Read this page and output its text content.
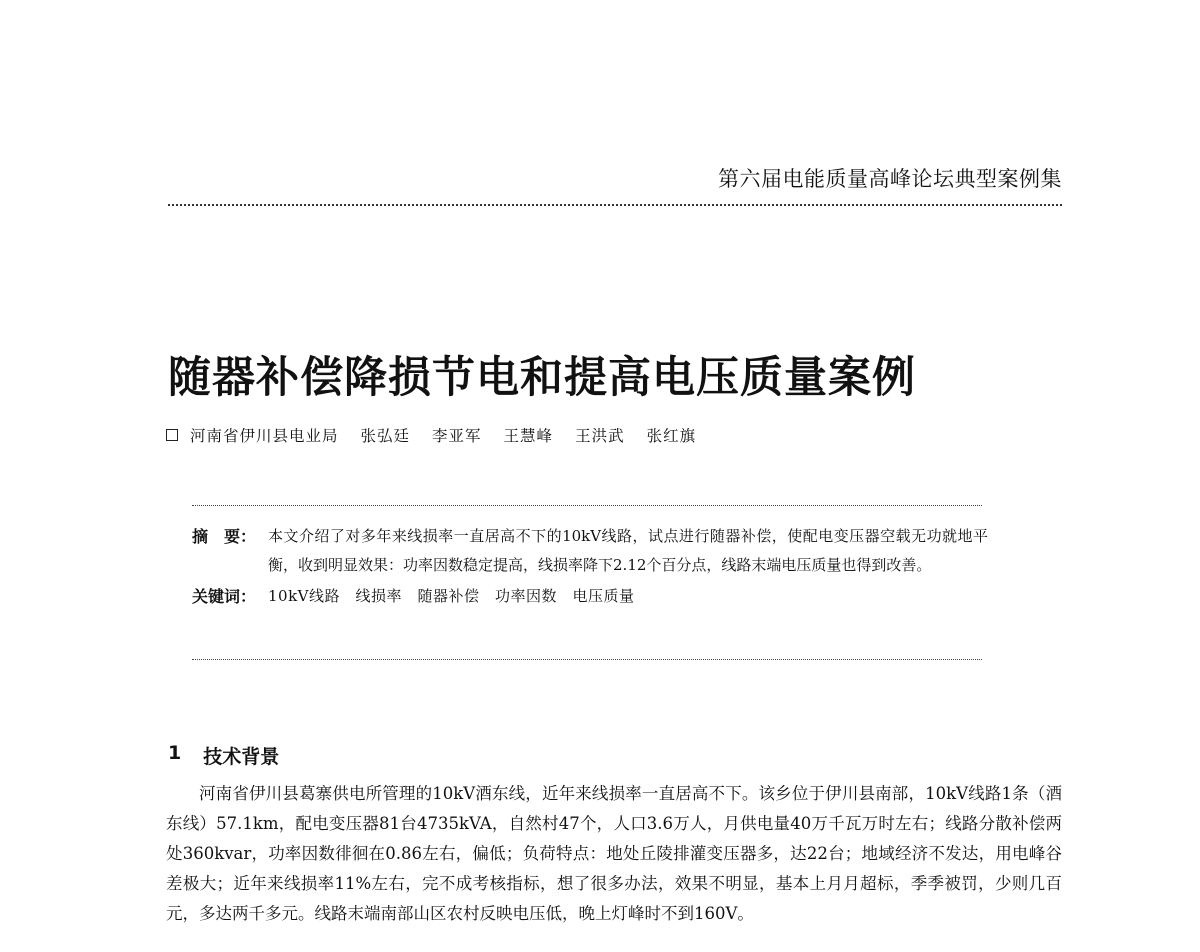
第六届电能质量高峰论坛典型案例集
随器补偿降损节电和提高电压质量案例
河南省伊川县电业局 张弘廷 李亚军 王慧峰 王洪武 张红旗
摘　要： 本文介绍了对多年来线损率一直居高不下的10kV线路，试点进行随器补偿，使配电变压器空载无功就地平衡，收到明显效果：功率因数稳定提高，线损率降下2.12个百分点，线路末端电压质量也得到改善。
关键词： 10kV线路　线损率　随器补偿　功率因数　电压质量
1 技术背景

河南省伊川县葛寨供电所管理的10kV酒东线，近年来线损率一直居高不下。该乡位于伊川县南部，10kV线路1条（酒东线）57.1km，配电变压器81台4735kVA，自然村47个，人口3.6万人，月供电量40万千瓦万时左右；线路分散补偿两处360kvar，功率因数徘徊在0.86左右，偏低；负荷特点：地处丘陵排灌变压器多，达22台；地域经济不发达，用电峰谷差极大；近年来线损率11%左右，完不成考核指标，想了很多办法，效果不明显，基本上月月超标，季季被罚，少则几百元，多达两千多元。线路末端南部山区农村反映电压低，晚上灯峰时不到160V。
